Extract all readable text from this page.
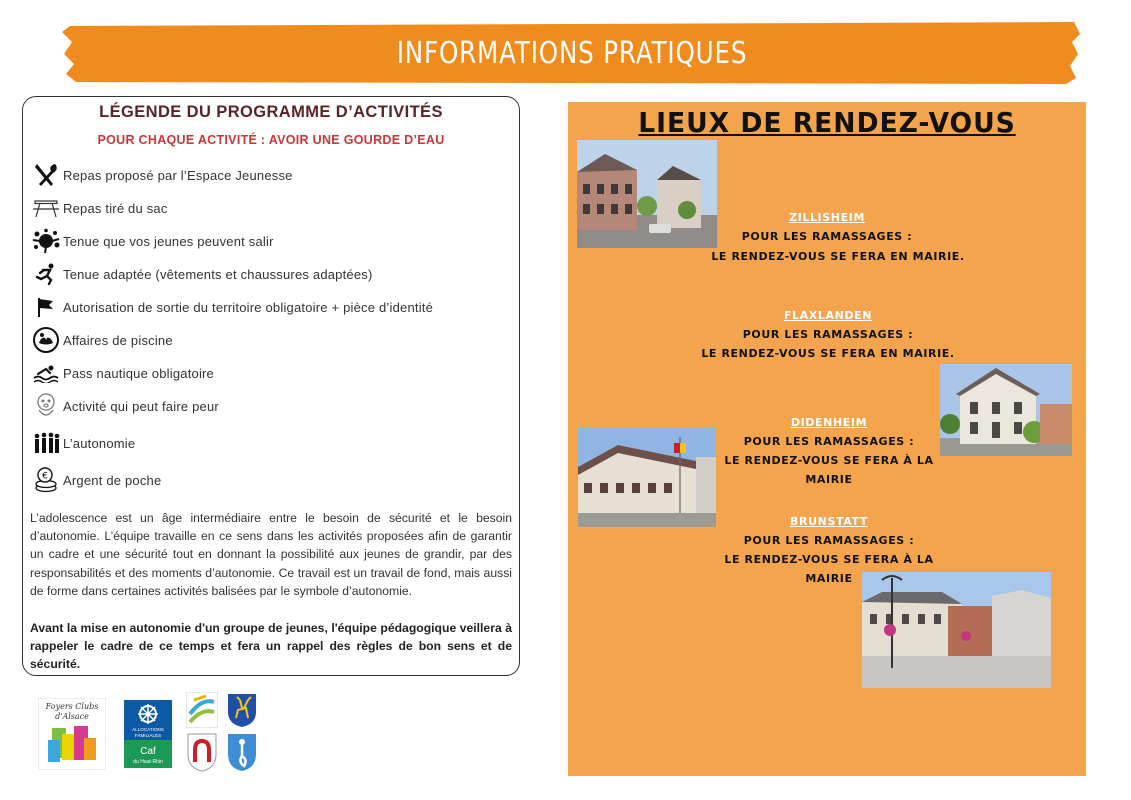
INFORMATIONS PRATIQUES
LÉGENDE DU PROGRAMME D’ACTIVITÉS
POUR CHAQUE ACTIVITÉ : AVOIR UNE GOURDE D’EAU
Repas proposé par l’Espace Jeunesse
Repas tiré du sac
Tenue que vos jeunes peuvent salir
Tenue adaptée (vêtements et chaussures adaptées)
Autorisation de sortie du territoire obligatoire + pièce d’identité
Affaires de piscine
Pass nautique obligatoire
Activité qui peut faire peur
L’autonomie
€ Argent de poche
L’adolescence est un âge intermédiaire entre le besoin de sécurité et le besoin d’autonomie. L’équipe travaille en ce sens dans les activités proposées afin de garantir un cadre et une sécurité tout en donnant la possibilité aux jeunes de grandir, par des responsabilités et des moments d’autonomie. Ce travail est un travail de fond, mais aussi de forme dans certaines activités balisées par le symbole d’autonomie.
Avant la mise en autonomie d'un groupe de jeunes, l'équipe pédagogique veillera à rappeler le cadre de ce temps et fera un rappel des règles de bon sens et de sécurité.
LIEUX DE RENDEZ-VOUS
ZILLISHEIM
POUR LES RAMASSAGES :
LE RENDEZ-VOUS SE FERA EN MAIRIE.
FLAXLANDEN
POUR LES RAMASSAGES :
LE RENDEZ-VOUS SE FERA EN MAIRIE.
DIDENHEIM
POUR LES RAMASSAGES :
LE RENDEZ-VOUS SE FERA À LA
MAIRIE
BRUNSTATT
POUR LES RAMASSAGES :
LE RENDEZ-VOUS SE FERA À LA
MAIRIE
Foyers Clubs
d'Alsace
ALLOCATIONS
FAMILIALES
Caf
du Haut-Rhin
